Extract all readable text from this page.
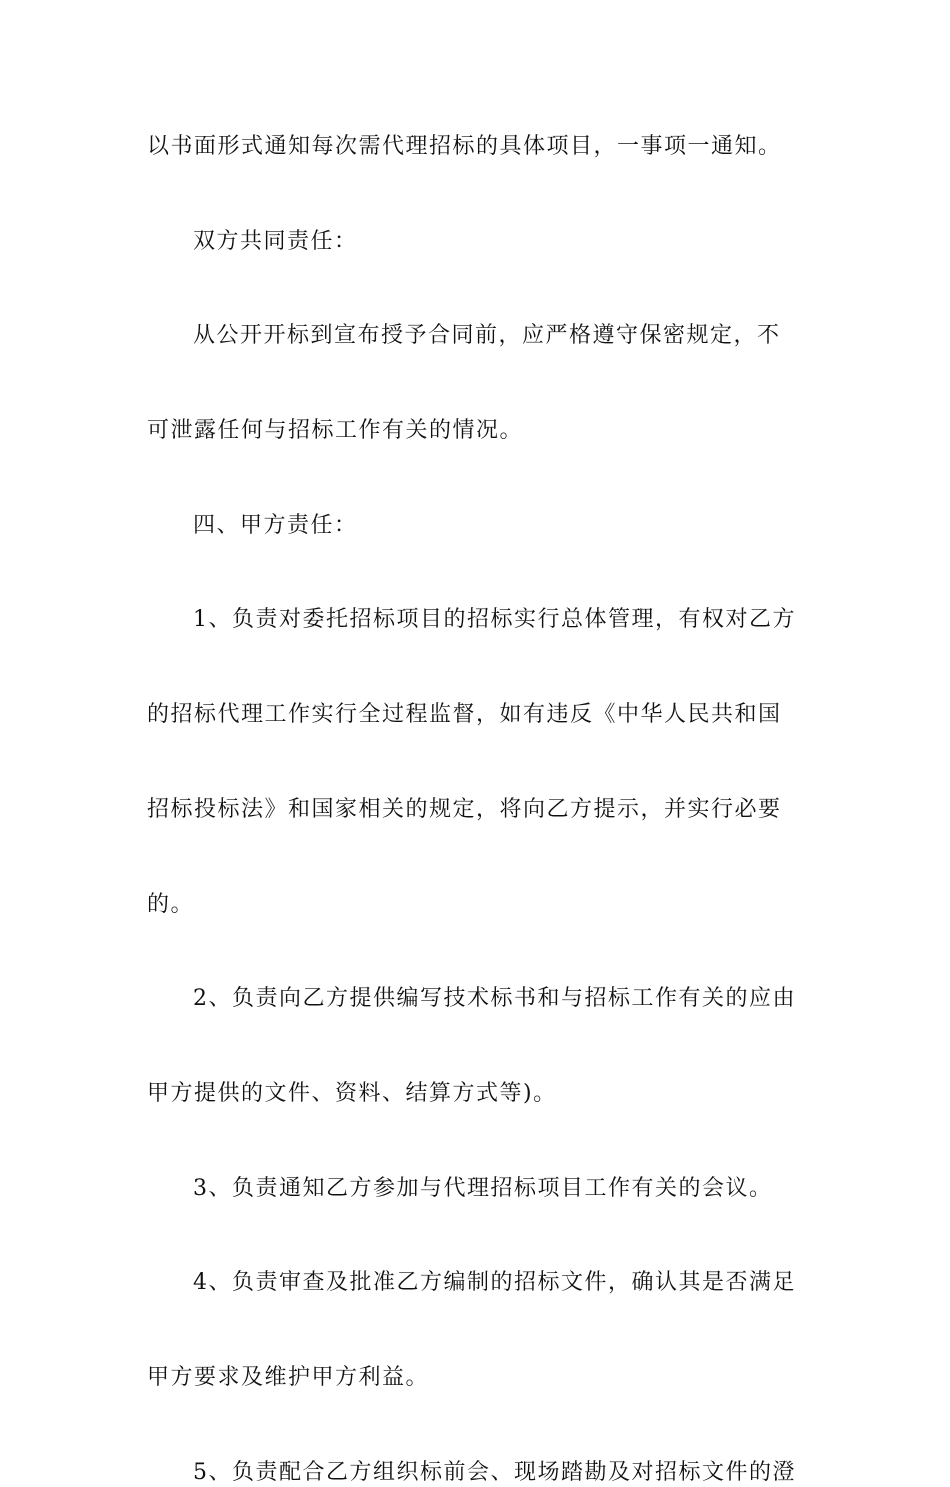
以书面形式通知每次需代理招标的具体项目，一事项一通知。

双方共同责任：

从公开开标到宣布授予合同前，应严格遵守保密规定，不

可泄露任何与招标工作有关的情况。

四、甲方责任：

1、负责对委托招标项目的招标实行总体管理，有权对乙方

的招标代理工作实行全过程监督，如有违反《中华人民共和国

招标投标法》和国家相关的规定，将向乙方提示，并实行必要

的。

2、负责向乙方提供编写技术标书和与招标工作有关的应由

甲方提供的文件、资料、结算方式等)。

3、负责通知乙方参加与代理招标项目工作有关的会议。

4、负责审查及批准乙方编制的招标文件，确认其是否满足

甲方要求及维护甲方利益。

5、负责配合乙方组织标前会、现场踏勘及对招标文件的澄
